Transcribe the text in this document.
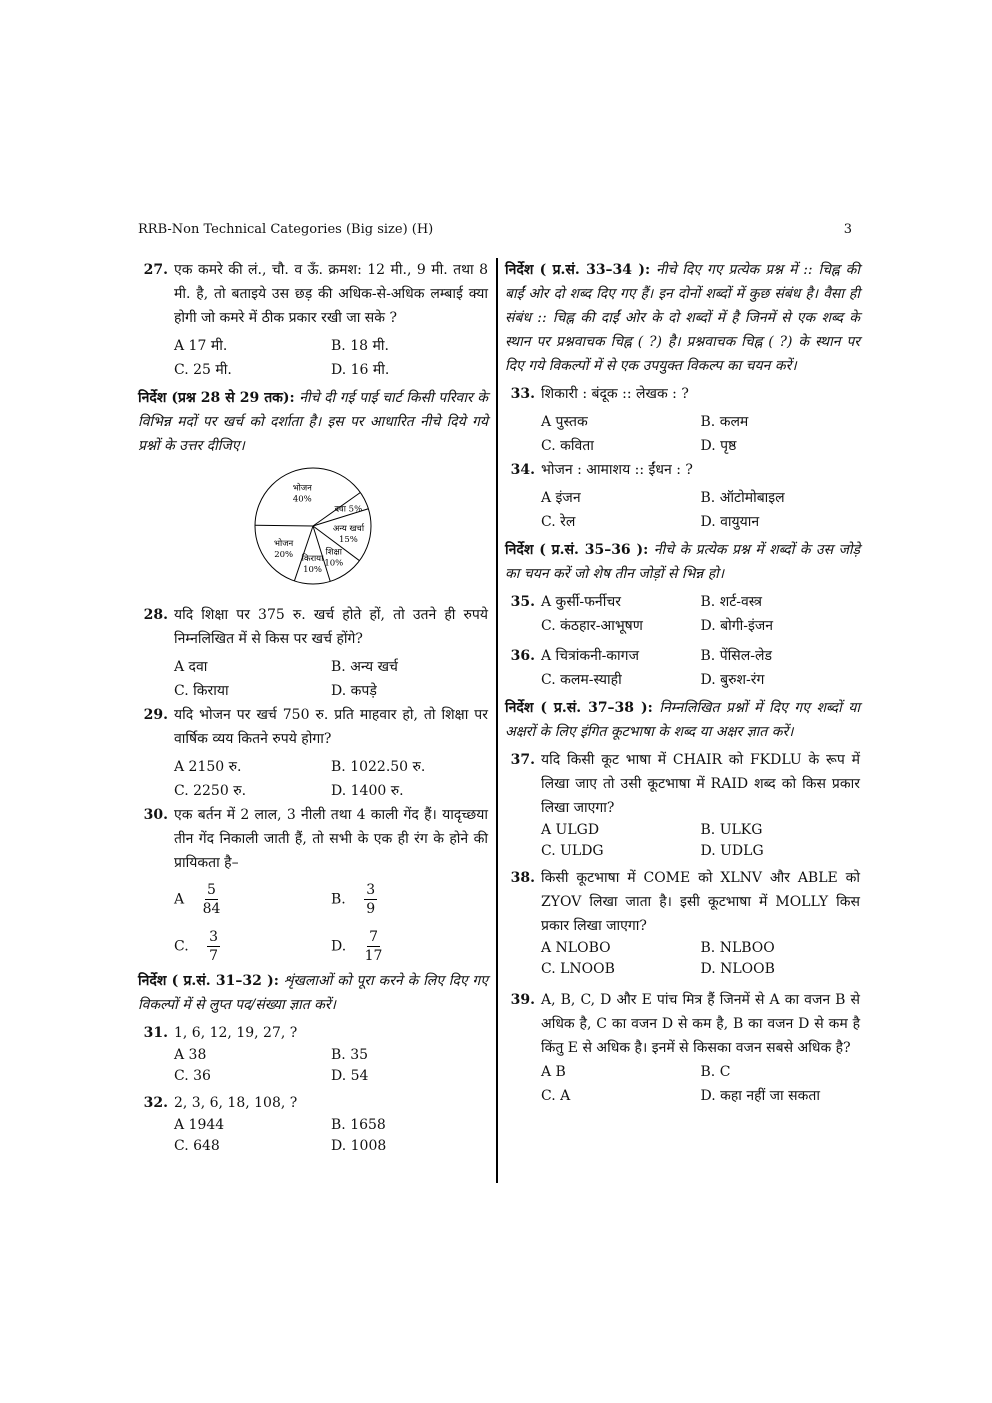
RRB-Non Technical Categories (Big size) (H)	3
27. एक कमरे की लं., चौ. व ऊँ. क्रमश: 12 मी., 9 मी. तथा 8 मी. है, तो बताइये उस छड़ की अधिक-से-अधिक लम्बाई क्या होगी जो कमरे में ठीक प्रकार रखी जा सके ?
A 17 मी.	B. 18 मी.
C. 25 मी.	D. 16 मी.
निर्देश (प्रश्न 28 से 29 तक): नीचे दी गई पाई चार्ट किसी परिवार के विभिन्न मदों पर खर्च को दर्शाता है। इस पर आधारित नीचे दिये गये प्रश्नों के उत्तर दीजिए।
भोजन
40%
दवा 5%
अन्य खर्चा
15%
शिक्षा
10%
किराया
10%
भोजन
20%
28. यदि शिक्षा पर 375 रु. खर्च होते हों, तो उतने ही रुपये निम्नलिखित में से किस पर खर्च होंगे?
A दवा	B. अन्य खर्च
C. किराया	D. कपड़े
29. यदि भोजन पर खर्च 750 रु. प्रति माहवार हो, तो शिक्षा पर वार्षिक व्यय कितने रुपये होगा?
A 2150 रु.	B. 1022.50 रु.
C. 2250 रु.	D. 1400 रु.
30. एक बर्तन में 2 लाल, 3 नीली तथा 4 काली गेंद हैं। यादृच्छया तीन गेंद निकाली जाती हैं, तो सभी के एक ही रंग के होने की प्रायिकता है–
A $\frac{5}{84}$	B. $\frac{3}{9}$
C. $\frac{3}{7}$	D. $\frac{7}{17}$
निर्देश ( प्र.सं. 31–32 ): शृंखलाओं को पूरा करने के लिए दिए गए विकल्पों में से लुप्त पद/संख्या ज्ञात करें।
31. 1, 6, 12, 19, 27, ?
A 38	B. 35
C. 36	D. 54
32. 2, 3, 6, 18, 108, ?
A 1944	B. 1658
C. 648	D. 1008
निर्देश ( प्र.सं. 33–34 ): नीचे दिए गए प्रत्येक प्रश्न में :: चिह्न की बाईं ओर दो शब्द दिए गए हैं। इन दोनों शब्दों में कुछ संबंध है। वैसा ही संबंध :: चिह्न की दाईं ओर के दो शब्दों में है जिनमें से एक शब्द के स्थान पर प्रश्नवाचक चिह्न ( ?) है। प्रश्नवाचक चिह्न ( ?) के स्थान पर दिए गये विकल्पों में से एक उपयुक्त विकल्प का चयन करें।
33. शिकारी : बंदूक :: लेखक : ?
A पुस्तक	B. कलम
C. कविता	D. पृष्ठ
34. भोजन : आमाशय :: ईंधन : ?
A इंजन	B. ऑटोमोबाइल
C. रेल	D. वायुयान
निर्देश ( प्र.सं. 35–36 ): नीचे के प्रत्येक प्रश्न में शब्दों के उस जोड़े का चयन करें जो शेष तीन जोड़ों से भिन्न हो।
35. A कुर्सी-फर्नीचर	B. शर्ट-वस्त्र
C. कंठहार-आभूषण	D. बोगी-इंजन
36. A चित्रांकनी-कागज	B. पेंसिल-लेड
C. कलम-स्याही	D. बुरुश-रंग
निर्देश ( प्र.सं. 37–38 ): निम्नलिखित प्रश्नों में दिए गए शब्दों या अक्षरों के लिए इंगित कूटभाषा के शब्द या अक्षर ज्ञात करें।
37. यदि किसी कूट भाषा में CHAIR को FKDLU के रूप में लिखा जाए तो उसी कूटभाषा में RAID शब्द को किस प्रकार लिखा जाएगा?
A ULGD	B. ULKG
C. ULDG	D. UDLG
38. किसी कूटभाषा में COME को XLNV और ABLE को ZYOV लिखा जाता है। इसी कूटभाषा में MOLLY किस प्रकार लिखा जाएगा?
A NLOBO	B. NLBOO
C. LNOOB	D. NLOOB
39. A, B, C, D और E पांच मित्र हैं जिनमें से A का वजन B से अधिक है, C का वजन D से कम है, B का वजन D से कम है किंतु E से अधिक है। इनमें से किसका वजन सबसे अधिक है?
A B	B. C
C. A	D. कहा नहीं जा सकता
